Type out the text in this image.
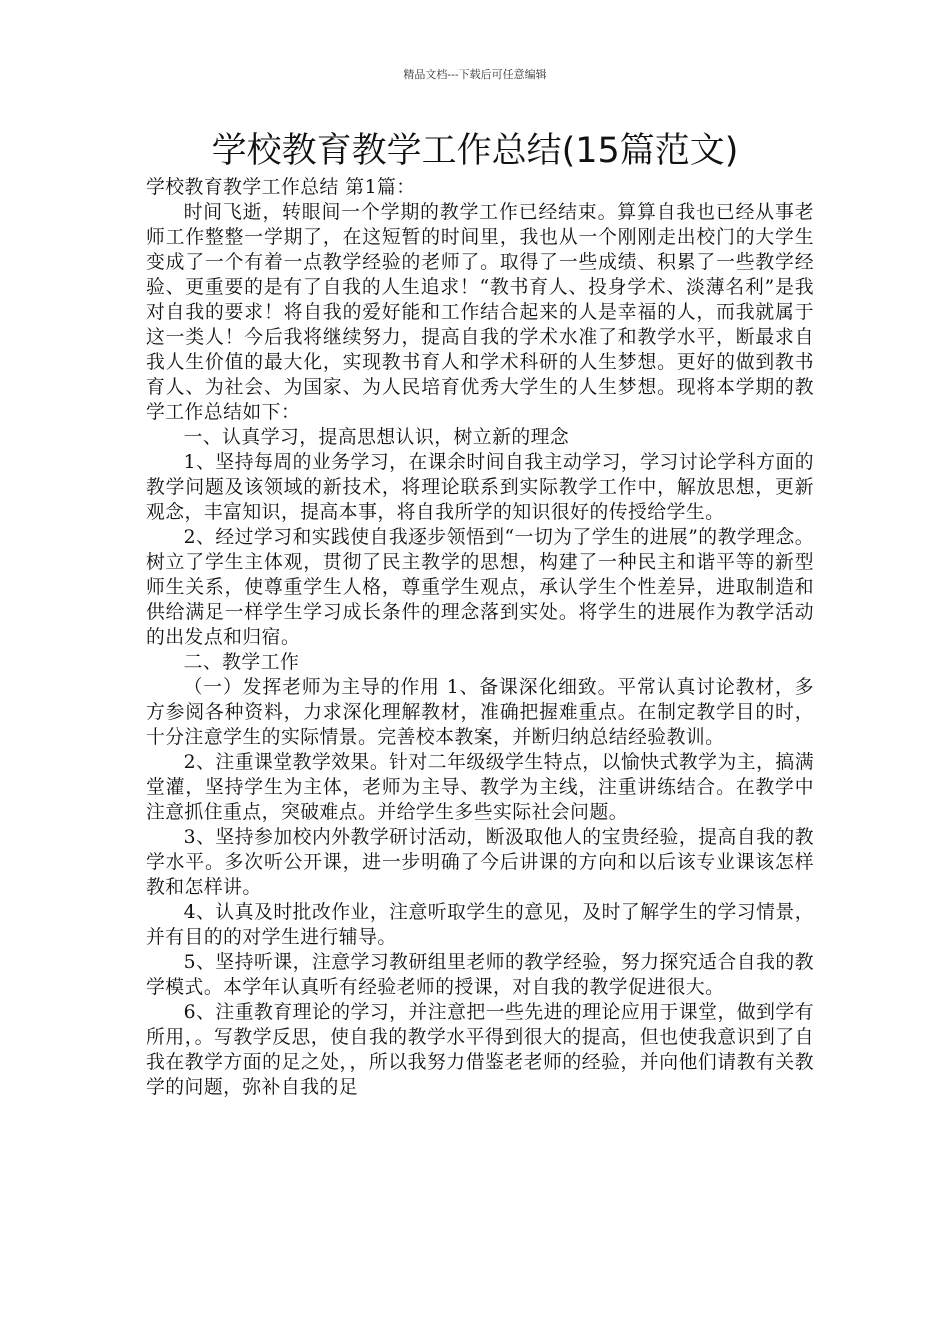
精品文档---下载后可任意编辑
学校教育教学工作总结(15篇范文)

学校教育教学工作总结 第1篇：

时间飞逝，转眼间一个学期的教学工作已经结束。算算自我也已经从事老师工作整整一学期了，在这短暂的时间里，我也从一个刚刚走出校门的大学生变成了一个有着一点教学经验的老师了。取得了一些成绩、积累了一些教学经验、更重要的是有了自我的人生追求！“教书育人、投身学术、淡薄名利”是我对自我的要求！将自我的爱好能和工作结合起来的人是幸福的人，而我就属于这一类人！今后我将继续努力，提高自我的学术水准了和教学水平，断最求自我人生价值的最大化，实现教书育人和学术科研的人生梦想。更好的做到教书育人、为社会、为国家、为人民培育优秀大学生的人生梦想。现将本学期的教学工作总结如下：

一、认真学习，提高思想认识，树立新的理念

1、坚持每周的业务学习，在课余时间自我主动学习，学习讨论学科方面的教学问题及该领域的新技术，将理论联系到实际教学工作中，解放思想，更新观念，丰富知识，提高本事，将自我所学的知识很好的传授给学生。

2、经过学习和实践使自我逐步领悟到“一切为了学生的进展”的教学理念。树立了学生主体观，贯彻了民主教学的思想，构建了一种民主和谐平等的新型师生关系，使尊重学生人格，尊重学生观点，承认学生个性差异，进取制造和供给满足一样学生学习成长条件的理念落到实处。将学生的进展作为教学活动的出发点和归宿。

二、教学工作

（一）发挥老师为主导的作用 1、备课深化细致。平常认真讨论教材，多方参阅各种资料，力求深化理解教材，准确把握难重点。在制定教学目的时，十分注意学生的实际情景。完善校本教案，并断归纳总结经验教训。

2、注重课堂教学效果。针对二年级级学生特点，以愉快式教学为主，搞满堂灌，坚持学生为主体，老师为主导、教学为主线，注重讲练结合。在教学中注意抓住重点，突破难点。并给学生多些实际社会问题。

3、坚持参加校内外教学研讨活动，断汲取他人的宝贵经验，提高自我的教学水平。多次听公开课，进一步明确了今后讲课的方向和以后该专业课该怎样教和怎样讲。

4、认真及时批改作业，注意听取学生的意见，及时了解学生的学习情景，并有目的的对学生进行辅导。

5、坚持听课，注意学习教研组里老师的教学经验，努力探究适合自我的教学模式。本学年认真听有经验老师的授课，对自我的教学促进很大。

6、注重教育理论的学习，并注意把一些先进的理论应用于课堂，做到学有所用，。写教学反思，使自我的教学水平得到很大的提高，但也使我意识到了自我在教学方面的足之处，，所以我努力借鉴老老师的经验，并向他们请教有关教学的问题，弥补自我的足
